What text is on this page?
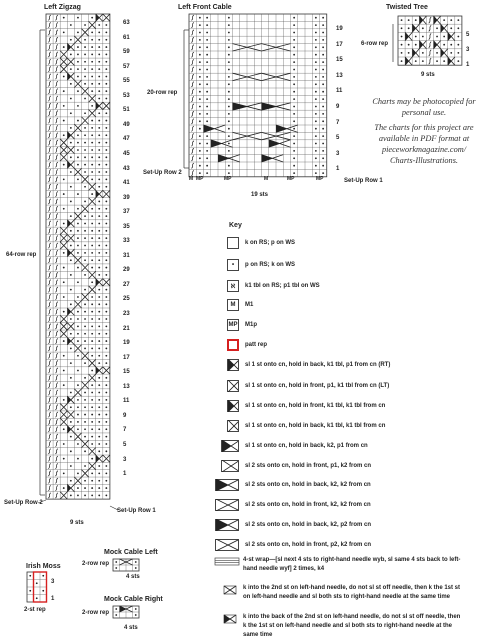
Left Zigzag
64-row rep
Set-Up Row 2
Set-Up Row 1
9 sts
63
61
59
57
55
53
51
49
47
45
43
41
39
37
35
33
31
29
27
25
23
21
19
17
15
13
11
9
7
5
3
1
Left Front Cable
20-row rep
Set-Up Row 2
Set-Up Row 1
19 sts
19
17
15
13
11
9
7
5
3
1
M MP	MP	M	MP	MP
Twisted Tree
6-row rep
9 sts
5
3
1
Charts may be photocopied for personal use.
The charts for this project are available in PDF format at pieceworkmagazine.com/ Charts-Illustrations.
Key
k on RS; p on WS
•	p on RS; k on WS
ℵ	k1 tbl on RS; p1 tbl on WS
M	M1
MP M1p
patt rep
sl 1 st onto cn, hold in back, k1 tbl, p1 from cn (RT)
sl 1 st onto cn, hold in front, p1, k1 tbl from cn (LT)
sl 1 st onto cn, hold in front, k1 tbl, k1 tbl from cn
sl 1 st onto cn, hold in back, k1 tbl, k1 tbl from cn
sl 1 st onto cn, hold in back, k2, p1 from cn
sl 2 sts onto cn, hold in front, p1, k2 from cn
sl 2 sts onto cn, hold in back, k2, k2 from cn
sl 2 sts onto cn, hold in front, k2, k2 from cn
sl 2 sts onto cn, hold in back, k2, p2 from cn
sl 2 sts onto cn, hold in front, p2, k2 from cn
4-st wrap—[sl next 4 sts to right-hand needle wyb, sl same 4 sts back to left-hand needle wyf] 2 times, k4
k into the 2nd st on left-hand needle, do not sl st off needle, then k the 1st st on left-hand needle and sl both sts to right-hand needle at the same time
k into the back of the 2nd st on left-hand needle, do not sl st off needle, then k the 1st st on left-hand needle and sl both sts to right-hand needle at the same time
Irish Moss
3
1
2-st rep
Mock Cable Left
2-row rep
4 sts
Mock Cable Right
2-row rep
4 sts
